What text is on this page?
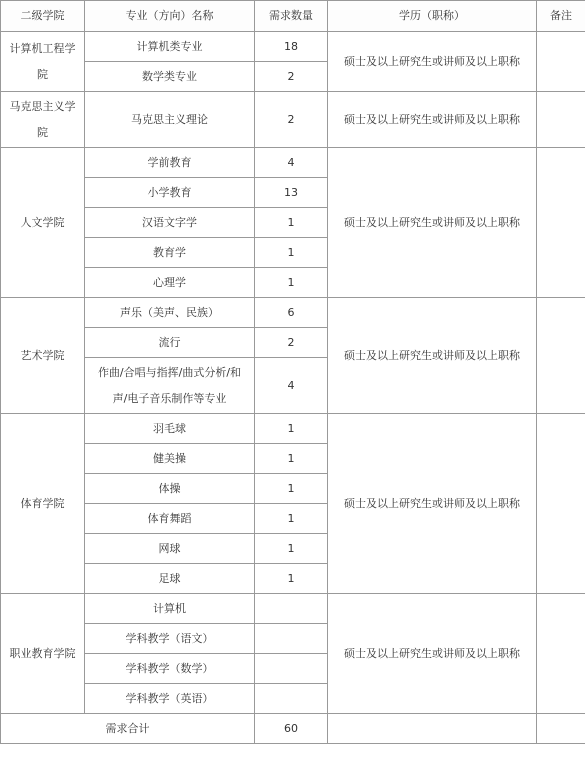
二级学院	专业（方向）名称	需求数量	学历（职称）	备注

计算机工程学
院	计算机类专业	18	硕士及以上研究生或讲师及以上职称	
	数学类专业	2		

马克思主义学
院	马克思主义理论	2	硕士及以上研究生或讲师及以上职称	
人文学院	学前教育	4	硕士及以上研究生或讲师及以上职称	
	小学教育	13		
	汉语文字学	1		
	教育学	1		
	心理学	1		
艺术学院	声乐（美声、民族）	6	硕士及以上研究生或讲师及以上职称	
	流行	2		

	作曲/合唱与指挥/曲式分析/和
声/电子音乐制作等专业	4		
体育学院	羽毛球	1	硕士及以上研究生或讲师及以上职称	
	健美操	1		
	体操	1		
	体育舞蹈	1		
	网球	1		
	足球	1		
职业教育学院	计算机		硕士及以上研究生或讲师及以上职称	
	学科教学（语文）			
	学科教学（数学）			
	学科教学（英语）			
需求合计		60		
